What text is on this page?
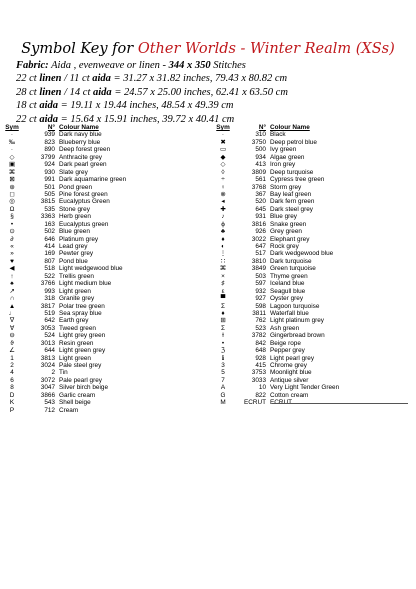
Symbol Key for Other Worlds - Winter Realm (XSs)
Fabric: Aida , evenweave or linen - 344 x 350 Stitches
22 ct linen / 11 ct aida = 31.27 x 31.82 inches, 79.43 x 80.82 cm
28 ct linen / 14 ct aida = 24.57 x 25.00 inches, 62.41 x 63.50 cm
18 ct aida = 19.11 x 19.44 inches, 48.54 x 49.39 cm
22 ct aida = 15.64 x 15.91 inches, 39.72 x 40.41 cm
Sym	N° Colour Name
·	939 Dark navy blue
‰	823 Blueberry blue
·	890 Deep forest green
◇	3799 Anthracite grey
▣	924 Dark pearl green
⌘	930 Slate grey
⊠	991 Dark aquamarine green
⊛	501 Pond green
◻	505 Pine forest green
◎	3815 Eucalyptus Green
Ω	535 Stone grey
§	3363 Herb green
•	163 Eucalyptus green
⊙	502 Blue green
∂	646 Platinum grey
«	414 Lead grey
»	169 Pewter grey
♥	807 Pond blue
◀	518 Light wedgewood blue
↑	522 Trellis green
♠	3766 Light medium blue
↗	993 Light green
∩	318 Granite grey
▲	3817 Polar tree green
♩	519 Sea spray blue
∇	642 Earth grey
∀	3053 Tweed green
⊖	524 Light grey green
ϑ	3013 Resin green
∠	644 Light green grey
1	3813 Light green
2	3024 Pale steel grey
4	2 Tin
6	3072 Pale pearl grey
8	3047 Silver birch beige
D	3866 Garlic cream
K	543 Shell beige
P	712 Cream
Sym	N° Colour Name
·	310 Black
✖	3750 Deep petrol blue
▭	500 Ivy green
◆	934 Algae green
◇	413 Iron grey
◊	3809 Deep turquoise
÷	561 Cypress tree green
♀	3768 Storm grey
⊗	367 Bay leaf green
◂	520 Dark fern green
✚	645 Dark steel grey
♪	931 Blue grey
ϕ	3816 Snake green
♣	926 Grey green
♦	3022 Elephant grey
◐	647 Rock grey
⋮	517 Dark wedgewood blue
∷	3810 Dark turquoise
⌘	3849 Green turquoise
×	503 Thyme green
♯	597 Iceland blue
ε	932 Seagull blue
▀	927 Oyster grey
Ʃ	598 Lagoon turquoise
♦	3811 Waterfall blue
⊞	762 Light platinum grey
Σ	523 Ash green
Ɨ	3782 Gingerbread brown
•	842 Beige rope
ℨ	648 Pepper grey
ℹ	928 Light pearl grey
3	415 Chrome grey
5	3753 Moonlight blue
7	3033 Antique silver
A	10 Very Light Tender Green
G	822 Cotton cream
M	ECRUT ECRUT
